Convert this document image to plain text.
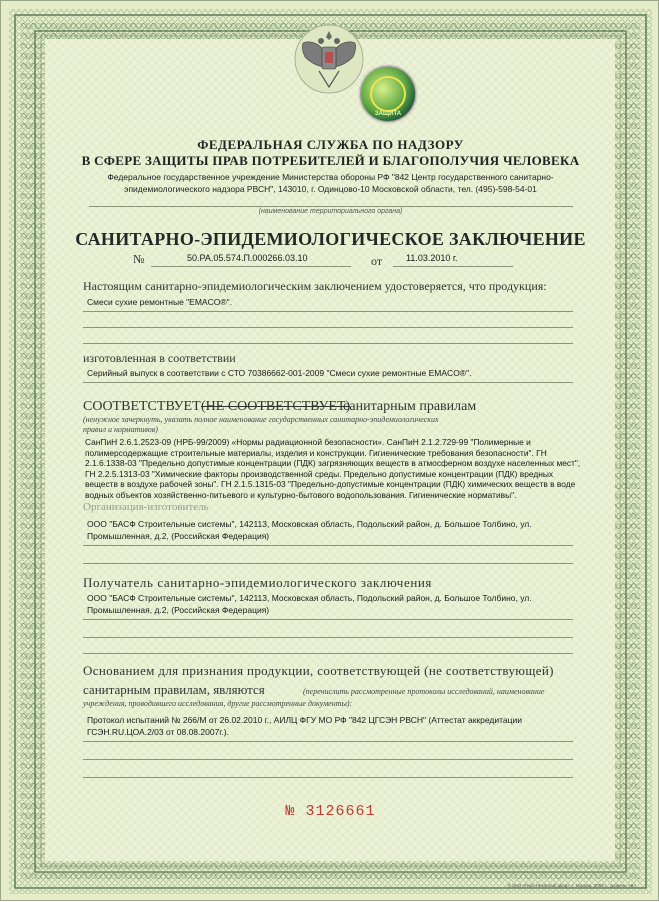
ЗАЩИТА
ФЕДЕРАЛЬНАЯ СЛУЖБА ПО НАДЗОРУ
В СФЕРЕ ЗАЩИТЫ ПРАВ ПОТРЕБИТЕЛЕЙ И БЛАГОПОЛУЧИЯ ЧЕЛОВЕКА
Федеральное государственное учреждение Министерства обороны РФ "842 Центр государственного санитарно-
эпидемиологического надзора РВСН", 143010, г. Одинцово-10 Московской области, тел. (495)-598-54-01
(наименование территориального органа)
САНИТАРНО-ЭПИДЕМИОЛОГИЧЕСКОЕ ЗАКЛЮЧЕНИЕ
№	50.РА.05.574.П.000266.03.10	от	11.03.2010 г.
Настоящим санитарно-эпидемиологическим заключением удостоверяется, что продукция:
Смеси сухие ремонтные "EMACO®".
изготовленная в соответствии
Серийный выпуск в соответствии с СТО 70386662-001-2009 "Смеси сухие ремонтные EMACO®".
СООТВЕТСТВУЕТ (НЕ СООТВЕТСТВУЕТ)
санитарным правилам
(ненужное зачеркнуть, указать полное наименование государственных санитарно-эпидемиологических
правил и нормативов)
СанПиН 2.6.1.2523-09 (НРБ-99/2009) «Нормы радиационной безопасности». СанПиН 2.1.2.729-99 "Полимерные и полимерсодержащие строительные материалы, изделия и конструкции. Гигиенические требования безопасности". ГН 2.1.6.1338-03 "Предельно допустимые концентрации (ПДК) загрязняющих веществ в атмосферном воздухе населенных мест", ГН 2.2.5.1313-03 "Химические факторы производственной среды. Предельно допустимые концентрации (ПДК) вредных веществ в воздухе рабочей зоны". ГН 2.1.5.1315-03 "Предельно-допустимые концентрации (ПДК) химических веществ в воде водных объектов хозяйственно-питьевого и культурно-бытового водопользования. Гигиенические нормативы".
Организация-изготовитель
ООО "БАСФ Строительные системы", 142113, Московская область, Подольский район, д. Большое Толбино, ул.
Промышленная, д.2, (Российская Федерация)
Получатель санитарно-эпидемиологического заключения
ООО "БАСФ Строительные системы", 142113, Московская область, Подольский район, д. Большое Толбино, ул.
Промышленная, д.2, (Российская Федерация)
Основанием для признания продукции, соответствующей (не соответствующей)
санитарным правилам, являются	(перечислить рассмотренные протоколы исследований, наименование
учреждения, проводившего исследования, другие рассмотренные документы):
Протокол испытаний № 266/М от 26.02.2010 г., АИЛЦ ФГУ МО РФ "842 ЦГСЭН РВСН" (Аттестат аккредитации
ГСЭН.RU.ЦОА.2/03 от 08.08.2007г.).
№ 3126661
© ЗАО «Герб-печатный двор», г. Москва, 2009 г., уровень «В»
